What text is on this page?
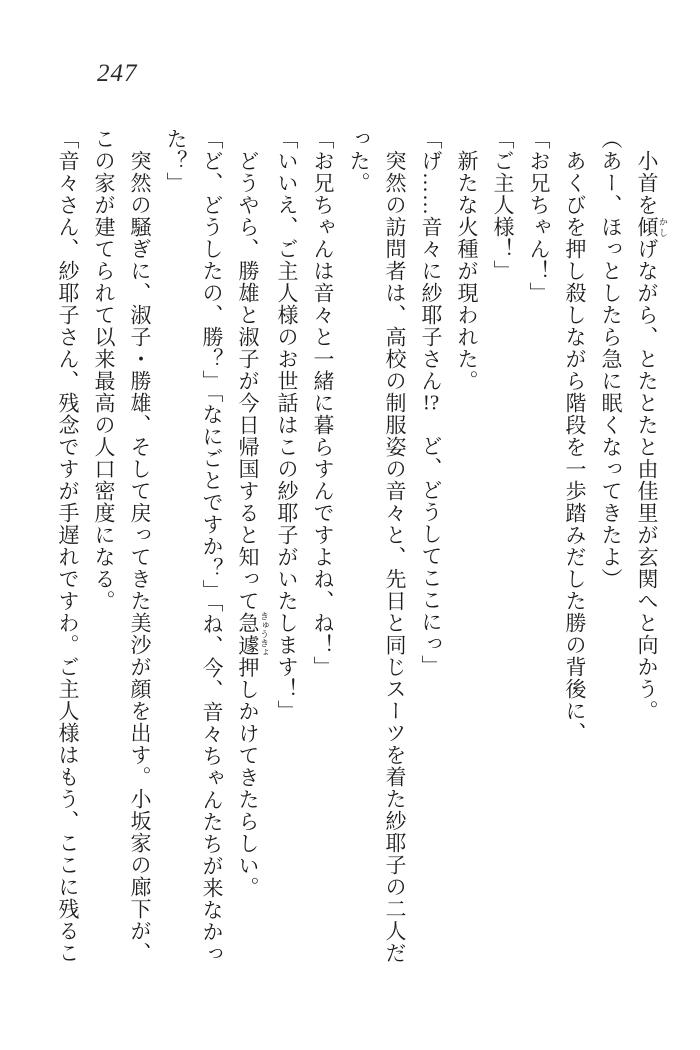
247

小首を傾 かしげながら、とたとたと由佳里が玄関へと向かう。

（あー、ほっとしたら急に眠くなってきたよ）

あくびを押し殺しながら階段を一歩踏みだした勝の背後に、

「お兄ちゃん！」

「ご主人様！」

新たな火種が現われた。

「げ……音々に紗耶子さん!?　ど、どうしてここにっ」

突然の訪問者は、高校の制服姿の音々と、先日と同じスーツを着た紗耶子の二人だ

った。

「お兄ちゃんは音々と一緒に暮らすんですよね、ね！」

「いいえ、ご主人様のお世話はこの紗耶子がいたします！」

どうやら、勝雄と淑子が今日帰国すると知って急遽 きゅうきょ押しかけてきたらしい。

「ど、どうしたの、勝？」「なにごとですか？」「ね、今、音々ちゃんたちが来なかっ

た？」

突然の騒ぎに、淑子・勝雄、そして戻ってきた美沙が顔を出す。小坂家の廊下が、

この家が建てられて以来最高の人口密度になる。

「音々さん、紗耶子さん、残念ですが手遅れですわ。ご主人様はもう、ここに残るこ
